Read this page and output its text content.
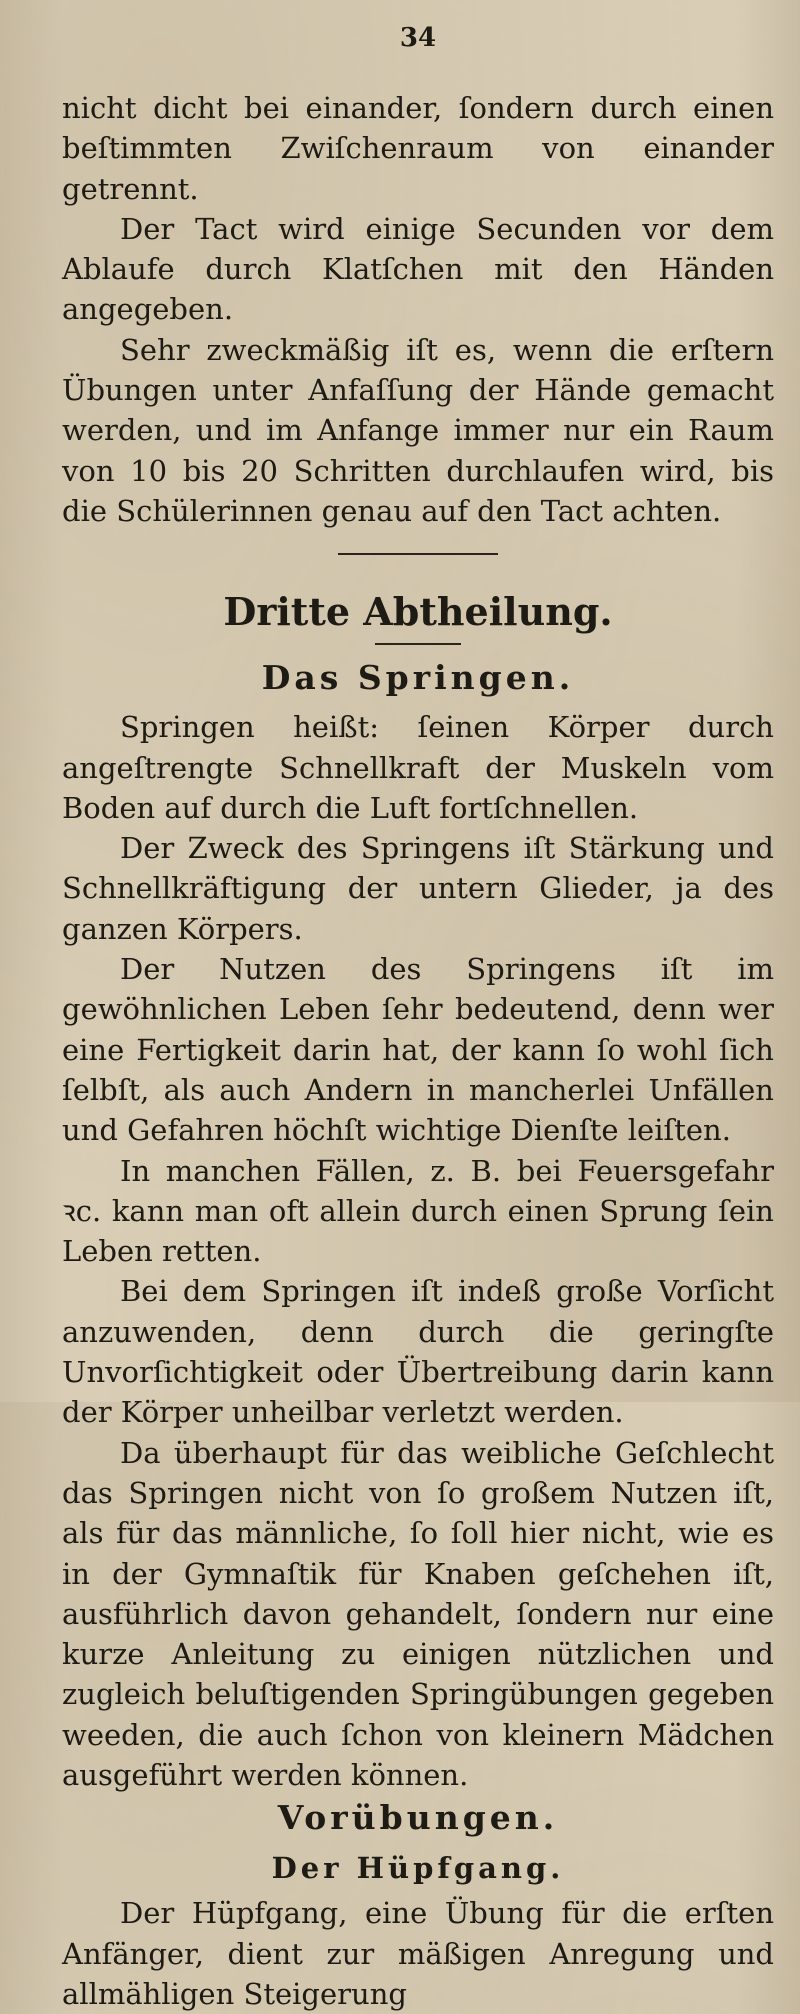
34

nicht dicht bei einander, ſondern durch einen beſtimmten Zwiſchenraum von einander getrennt.

Der Tact wird einige Secunden vor dem Ablaufe durch Klatſchen mit den Händen angegeben.

Sehr zweckmäßig iſt es, wenn die erſtern Übungen unter Anfaſſung der Hände gemacht werden, und im Anfange immer nur ein Raum von 10 bis 20 Schritten durchlaufen wird, bis die Schülerinnen genau auf den Tact achten.

Dritte Abtheilung.
Das Springen.

Springen heißt: ſeinen Körper durch angeſtrengte Schnellkraft der Muskeln vom Boden auf durch die Luft fortſchnellen.

Der Zweck des Springens iſt Stärkung und Schnellkräftigung der untern Glieder, ja des ganzen Körpers.

Der Nutzen des Springens iſt im gewöhnlichen Leben ſehr bedeutend, denn wer eine Fertigkeit darin hat, der kann ſo wohl ſich ſelbſt, als auch Andern in mancherlei Unfällen und Gefahren höchſt wichtige Dienſte leiſten.

In manchen Fällen, z. B. bei Feuersgefahr ꝛc. kann man oft allein durch einen Sprung ſein Leben retten.

Bei dem Springen iſt indeß große Vorſicht anzuwenden, denn durch die geringſte Unvorſichtigkeit oder Übertreibung darin kann der Körper unheilbar verletzt werden.

Da überhaupt für das weibliche Geſchlecht das Springen nicht von ſo großem Nutzen iſt, als für das männliche, ſo ſoll hier nicht, wie es in der Gymnaſtik für Knaben geſchehen iſt, ausführlich davon gehandelt, ſondern nur eine kurze Anleitung zu einigen nützlichen und zugleich beluſtigenden Springübungen gegeben weeden, die auch ſchon von kleinern Mädchen ausgeführt werden können.

Vorübungen.
Der Hüpfgang.

Der Hüpfgang, eine Übung für die erſten Anfänger, dient zur mäßigen Anregung und allmähligen Steigerung
